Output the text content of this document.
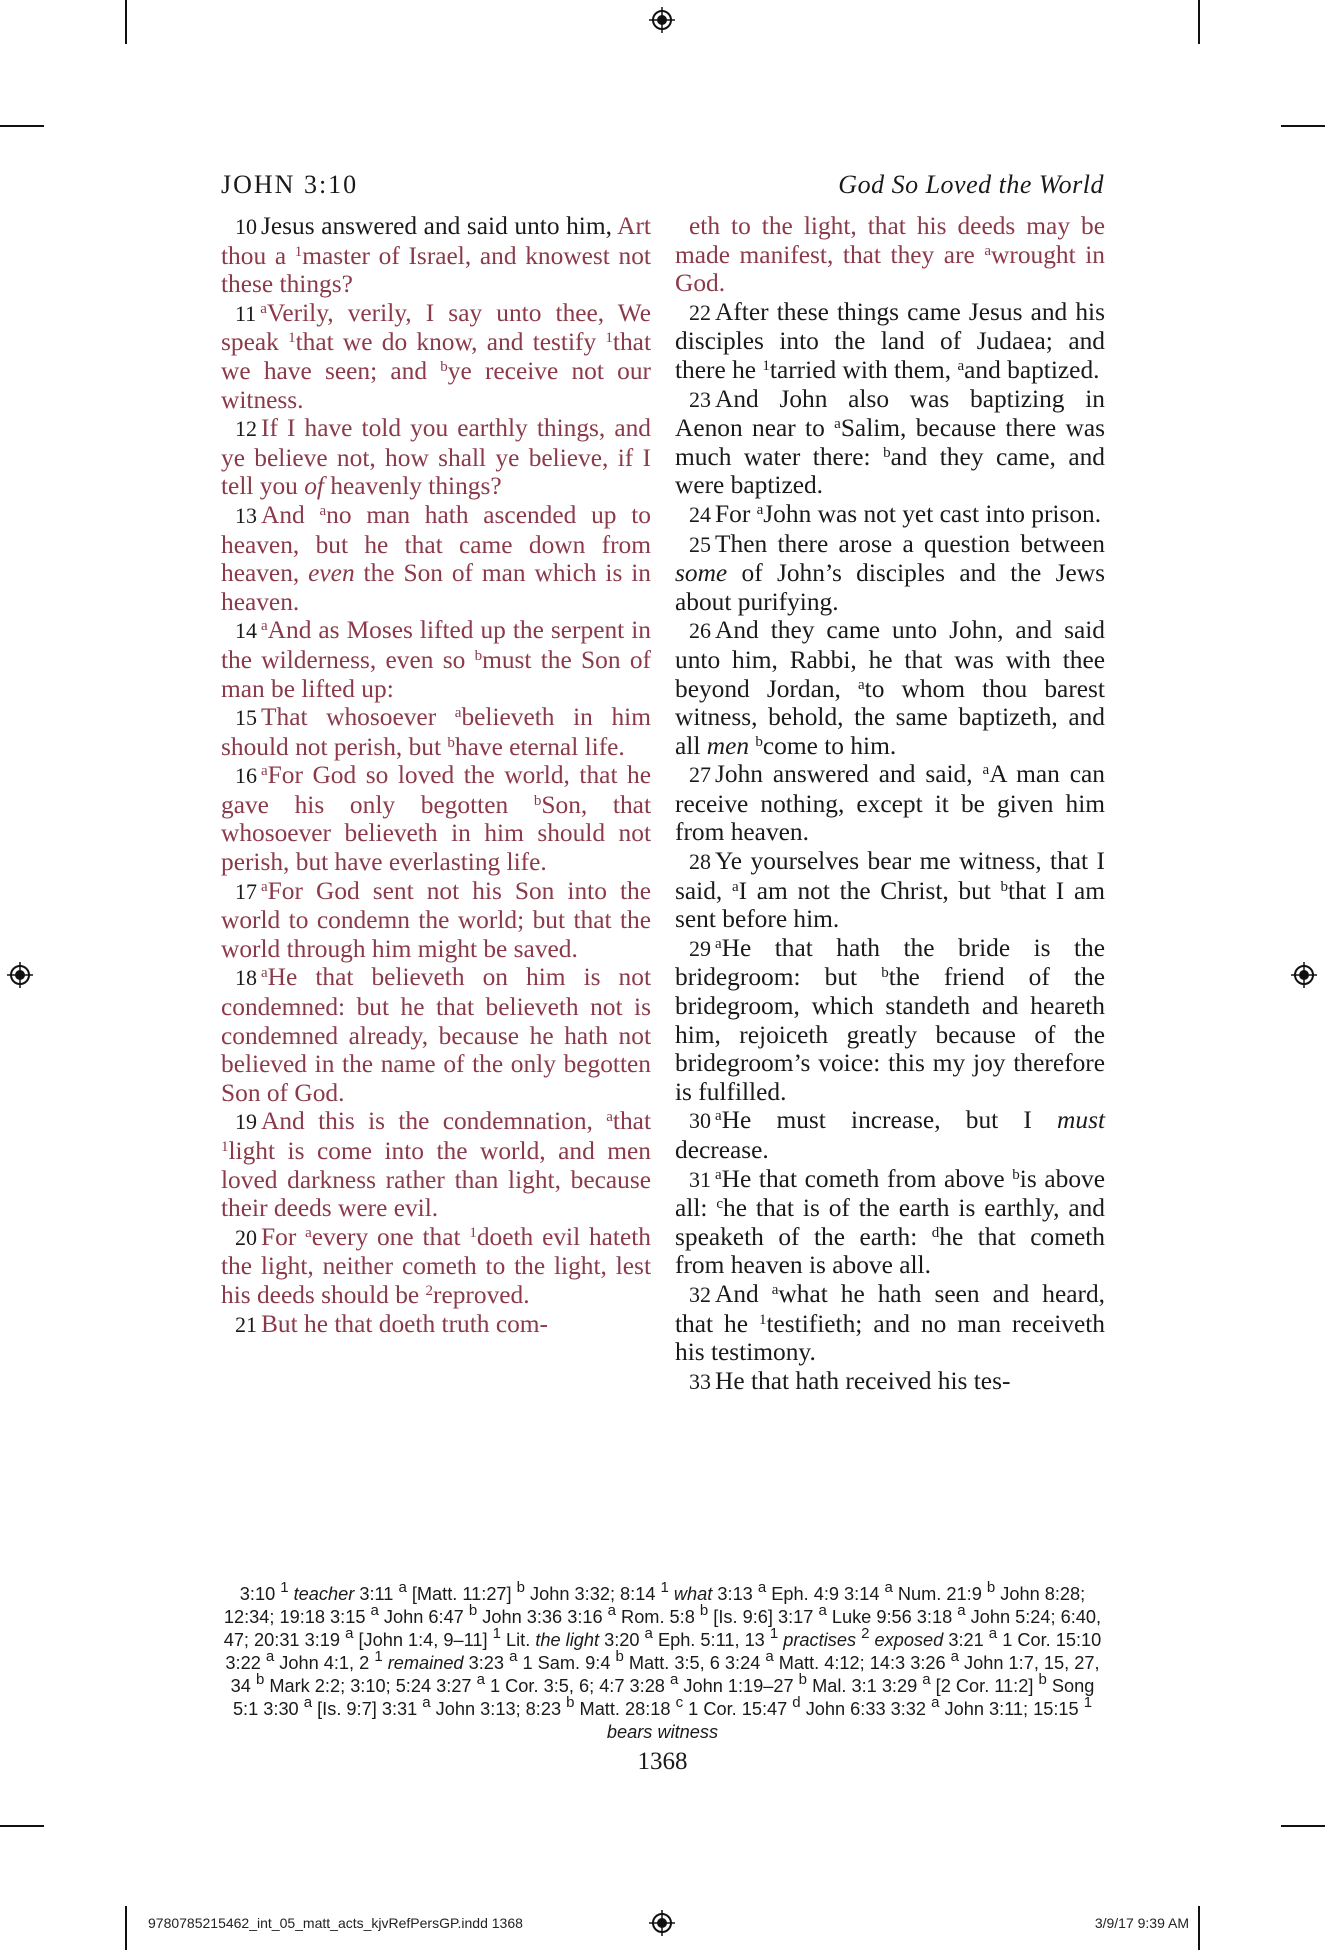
JOHN 3:10	God So Loved the World

10 Jesus answered and said unto him, Art thou a $^1$master of Israel, and knowest not these things?

11 $^a$Verily, verily, I say unto thee, We speak $^1$that we do know, and testify $^1$that we have seen; and $^b$ye receive not our witness.

12 If I have told you earthly things, and ye believe not, how shall ye believe, if I tell you of heavenly things?

13 And $^a$no man hath ascended up to heaven, but he that came down from heaven, even the Son of man which is in heaven.

14 $^a$And as Moses lifted up the serpent in the wilderness, even so $^b$must the Son of man be lifted up:

15 That whosoever $^a$believeth in him should not perish, but $^b$have eternal life.

16 $^a$For God so loved the world, that he gave his only begotten $^b$Son, that whosoever believeth in him should not perish, but have everlasting life.

17 $^a$For God sent not his Son into the world to condemn the world; but that the world through him might be saved.

18 $^a$He that believeth on him is not condemned: but he that believeth not is condemned already, because he hath not believed in the name of the only begotten Son of God.

19 And this is the condemnation, $^a$that $^1$light is come into the world, and men loved darkness rather than light, because their deeds were evil.

20 For $^a$every one that $^1$doeth evil hateth the light, neither cometh to the light, lest his deeds should be $^2$reproved.

21 But he that doeth truth com-

eth to the light, that his deeds may be made manifest, that they are $^a$wrought in God.

22 After these things came Jesus and his disciples into the land of Judaea; and there he $^1$tarried with them, $^a$and baptized.

23 And John also was baptizing in Aenon near to $^a$Salim, because there was much water there: $^b$and they came, and were baptized.

24 For $^a$John was not yet cast into prison.

25 Then there arose a question between some of John’s disciples and the Jews about purifying.

26 And they came unto John, and said unto him, Rabbi, he that was with thee beyond Jordan, $^a$to whom thou barest witness, behold, the same baptizeth, and all men $^b$come to him.

27 John answered and said, $^a$A man can receive nothing, except it be given him from heaven.

28 Ye yourselves bear me witness, that I said, $^a$I am not the Christ, but $^b$that I am sent before him.

29 $^a$He that hath the bride is the bridegroom: but $^b$the friend of the bridegroom, which standeth and heareth him, rejoiceth greatly because of the bridegroom’s voice: this my joy therefore is fulfilled.

30 $^a$He must increase, but I must decrease.

31 $^a$He that cometh from above $^b$is above all: $^c$he that is of the earth is earthly, and speaketh of the earth: $^d$he that cometh from heaven is above all.

32 And $^a$what he hath seen and heard, that he $^1$testifieth; and no man receiveth his testimony.

33 He that hath received his tes-

3:10 $^1$ teacher 3:11 $^a$ [Matt. 11:27] $^b$ John 3:32; 8:14 $^1$ what 3:13 $^a$ Eph. 4:9 3:14 $^a$ Num. 21:9 $^b$ John 8:28; 12:34; 19:18 3:15 $^a$ John 6:47 $^b$ John 3:36 3:16 $^a$ Rom. 5:8 $^b$ [Is. 9:6] 3:17 $^a$ Luke 9:56 3:18 $^a$ John 5:24; 6:40, 47; 20:31 3:19 $^a$ [John 1:4, 9–11] $^1$ Lit. the light 3:20 $^a$ Eph. 5:11, 13 $^1$ practises $^2$ exposed 3:21 $^a$ 1 Cor. 15:10 3:22 $^a$ John 4:1, 2 $^1$ remained 3:23 $^a$ 1 Sam. 9:4 $^b$ Matt. 3:5, 6 3:24 $^a$ Matt. 4:12; 14:3 3:26 $^a$ John 1:7, 15, 27, 34 $^b$ Mark 2:2; 3:10; 5:24 3:27 $^a$ 1 Cor. 3:5, 6; 4:7 3:28 $^a$ John 1:19–27 $^b$ Mal. 3:1 3:29 $^a$ [2 Cor. 11:2] $^b$ Song 5:1 3:30 $^a$ [Is. 9:7] 3:31 $^a$ John 3:13; 8:23 $^b$ Matt. 28:18 $^c$ 1 Cor. 15:47 $^d$ John 6:33 3:32 $^a$ John 3:11; 15:15 $^1$ bears witness
1368
9780785215462_int_05_matt_acts_kjvRefPersGP.indd 1368	3/9/17 9:39 AM
